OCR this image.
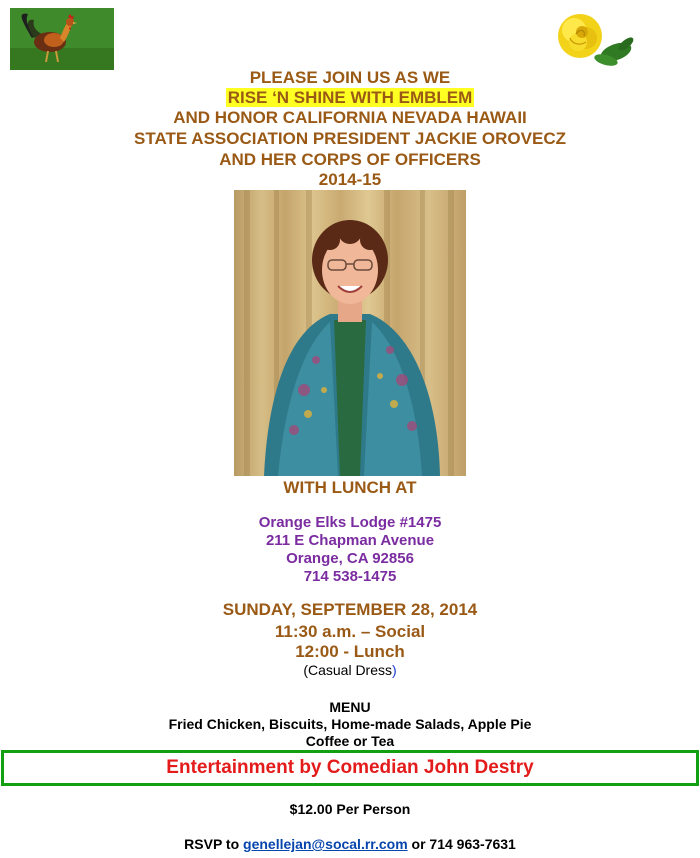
PLEASE JOIN US AS WE
RISE ‘N SHINE WITH EMBLEM
AND HONOR CALIFORNIA NEVADA HAWAII
STATE ASSOCIATION PRESIDENT JACKIE OROVECZ
AND HER CORPS OF OFFICERS
2014-15
WITH LUNCH AT
Orange Elks Lodge #1475
211 E Chapman Avenue
Orange, CA 92856
714 538-1475
SUNDAY, SEPTEMBER 28, 2014
11:30 a.m. – Social
12:00 - Lunch
(Casual Dress)
MENU
Fried Chicken, Biscuits, Home-made Salads, Apple Pie
Coffee or Tea
Entertainment by Comedian John Destry
$12.00 Per Person
RSVP to genellejan@socal.rr.com or 714 963-7631
